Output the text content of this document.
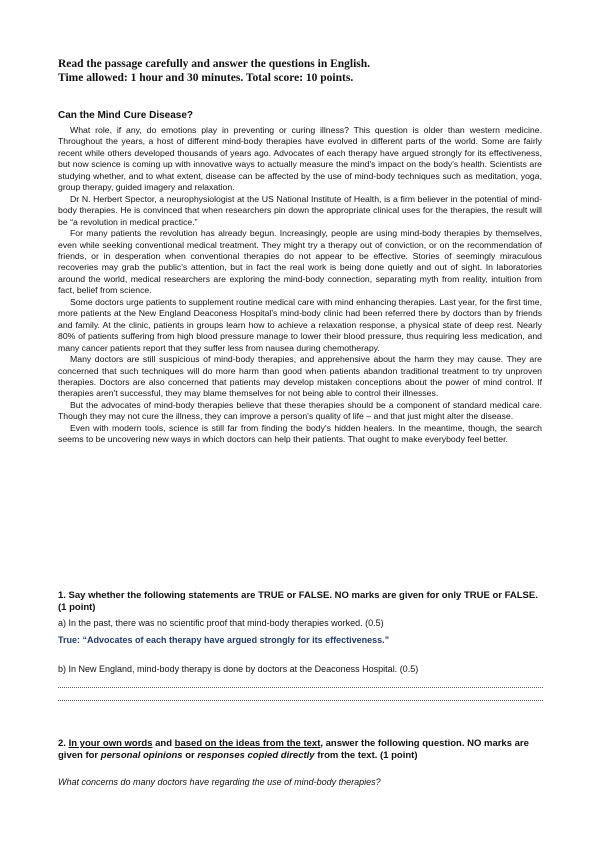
Read the passage carefully and answer the questions in English.
Time allowed: 1 hour and 30 minutes. Total score: 10 points.
Can the Mind Cure Disease?

What role, if any, do emotions play in preventing or curing illness? This question is older than western medicine. Throughout the years, a host of different mind-body therapies have evolved in different parts of the world. Some are fairly recent while others developed thousands of years ago. Advocates of each therapy have argued strongly for its effectiveness, but now science is coming up with innovative ways to actually measure the mind's impact on the body's health. Scientists are studying whether, and to what extent, disease can be affected by the use of mind-body techniques such as meditation, yoga, group therapy, guided imagery and relaxation.

Dr N. Herbert Spector, a neurophysiologist at the US National Institute of Health, is a firm believer in the potential of mind-body therapies. He is convinced that when researchers pin down the appropriate clinical uses for the therapies, the result will be “a revolution in medical practice.”

For many patients the revolution has already begun. Increasingly, people are using mind-body therapies by themselves, even while seeking conventional medical treatment. They might try a therapy out of conviction, or on the recommendation of friends, or in desperation when conventional therapies do not appear to be effective. Stories of seemingly miraculous recoveries may grab the public's attention, but in fact the real work is being done quietly and out of sight. In laboratories around the world, medical researchers are exploring the mind-body connection, separating myth from reality, intuition from fact, belief from science.

Some doctors urge patients to supplement routine medical care with mind enhancing therapies. Last year, for the first time, more patients at the New England Deaconess Hospital's mind-body clinic had been referred there by doctors than by friends and family. At the clinic, patients in groups learn how to achieve a relaxation response, a physical state of deep rest. Nearly 80% of patients suffering from high blood pressure manage to lower their blood pressure, thus requiring less medication, and many cancer patients report that they suffer less from nausea during chemotherapy.

Many doctors are still suspicious of mind-body therapies, and apprehensive about the harm they may cause. They are concerned that such techniques will do more harm than good when patients abandon traditional treatment to try unproven therapies. Doctors are also concerned that patients may develop mistaken conceptions about the power of mind control. If therapies aren't successful, they may blame themselves for not being able to control their illnesses.

But the advocates of mind-body therapies believe that these therapies should be a component of standard medical care. Though they may not cure the illness, they can improve a person's quality of life – and that just might alter the disease.

Even with modern tools, science is still far from finding the body's hidden healers. In the meantime, though, the search seems to be uncovering new ways in which doctors can help their patients. That ought to make everybody feel better.

1. Say whether the following statements are TRUE or FALSE. NO marks are given for only TRUE or FALSE. (1 point)
a) In the past, there was no scientific proof that mind-body therapies worked. (0.5)
True: “Advocates of each therapy have argued strongly for its effectiveness.”
b) In New England, mind-body therapy is done by doctors at the Deaconess Hospital. (0.5)
2. In your own words and based on the ideas from the text, answer the following question. NO marks are given for personal opinions or responses copied directly from the text. (1 point)
What concerns do many doctors have regarding the use of mind-body therapies?
